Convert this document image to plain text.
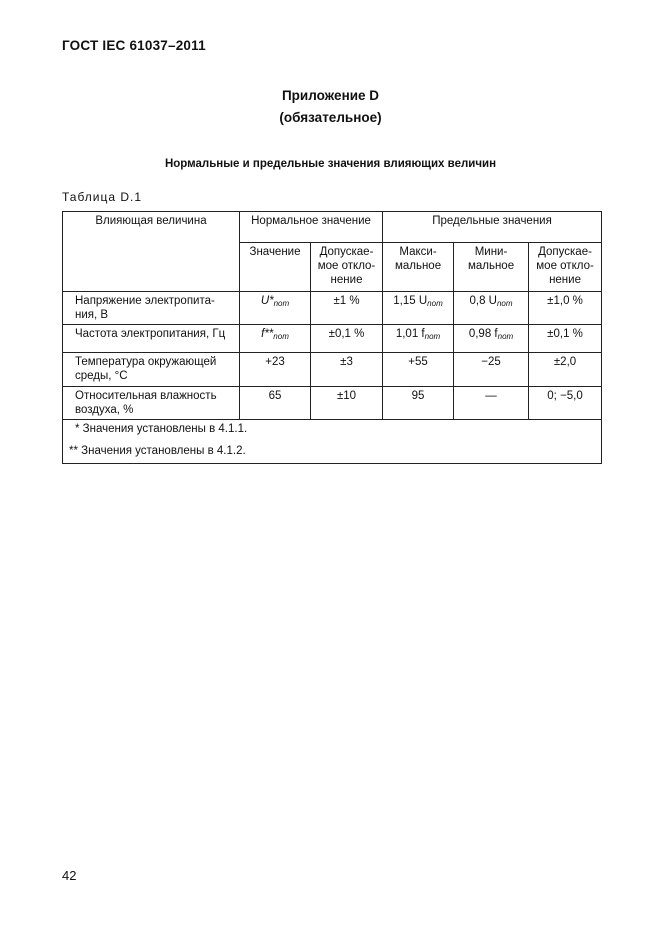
ГОСТ IEC 61037–2011
Приложение D
(обязательное)
Нормальные и предельные значения влияющих величин
Таблица D.1
Влияющая величина	Нормальное значение		Предельные значения		
	Значение	Допускае-мое откло-нение	Макси-мальное	Мини-мальное	Допускае-мое откло-нение
Напряжение электропита-ния, В	$U*_{nom}$	±1 %	1,15 $U_{nom}$	0,8 $U_{nom}$	±1,0 %
Частота электропитания, Гц	$f**_{nom}$	±0,1 %	1,01 $f_{nom}$	0,98 $f_{nom}$	±0,1 %
Температура окружающей среды, °С	+23	±3	+55	−25	±2,0
Относительная влажность воздуха, %	65	±10	95	—	0; −5,0
* Значения установлены в 4.1.1.					
** Значения установлены в 4.1.2.					
42
